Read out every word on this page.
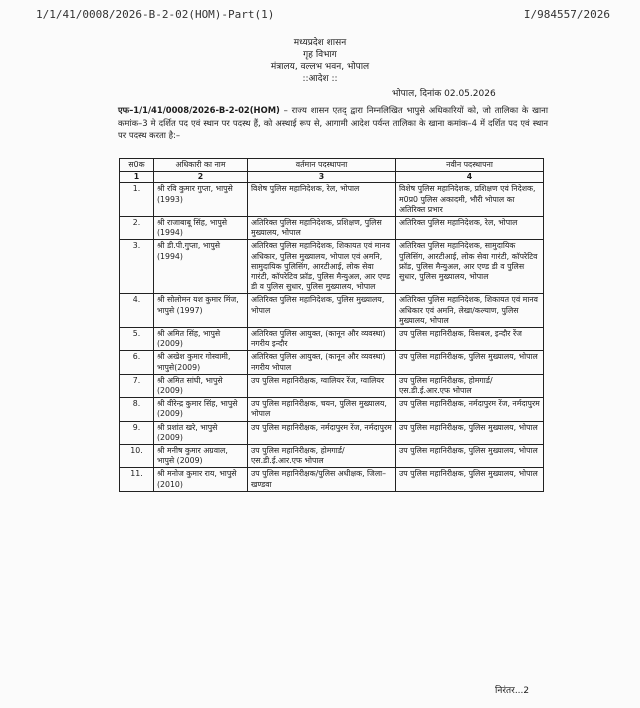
1/1/41/0008/2026-B-2-02(HOM)-Part(1)	I/984557/2026
मध्यप्रदेश शासन
गृह विभाग
मंत्रालय, वल्लभ भवन, भोपाल
::आदेश ::
भोपाल, दिनांक 02.05.2026
एफ–1/1/41/0008/2026-B-2-02(HOM) – राज्य शासन एतद् द्वारा निम्नलिखित भापुसे अधिकारियों को, जो तालिका के खाना कमांक–3 मे दर्शित पद एवं स्थान पर पदस्थ हैं, को अस्थाई रूप से, आगामी आदेश पर्यन्त तालिका के खाना कमांक–4 में दर्शित पद एवं स्थान पर पदस्थ करता है:–
स0क	अधिकारी का नाम	वर्तमान पदस्थापना	नवीन पदस्थापना
1	2	3	4
1.	श्री रवि कुमार गुप्ता, भापुसे (1993)	विशेष पुलिस महानिदेशक, रेल, भोपाल	विशेष पुलिस महानिदेशक, प्रशिक्षण एवं निदेशक, म0प्र0 पुलिस अकादमी, भौरी भोपाल का अतिरिक्त प्रभार
2.	श्री राजाबाबू सिंह, भापुसे (1994)	अतिरिक्त पुलिस महानिदेशक, प्रशिक्षण, पुलिस मुख्यालय, भोपाल	अतिरिक्त पुलिस महानिदेशक, रेल, भोपाल
3.	श्री डी.पी.गुप्ता, भापुसे (1994)	अतिरिक्त पुलिस महानिदेशक, शिकायत एवं मानव अधिकार, पुलिस मुख्यालय, भोपाल एवं अमनि, सामुदायिक पुलिसिंग, आरटीआई, लोक सेवा गारंटी, कॉपरेटिव फ्रॉड, पुलिस मैन्युअल, आर एण्ड डी व पुलिस सुधार, पुलिस मुख्यालय, भोपाल	अतिरिक्त पुलिस महानिदेशक, सामुदायिक पुलिसिंग, आरटीआई, लोक सेवा गारंटी, कॉपरेटिव फ्रॉड, पुलिस मैन्युअल, आर एण्ड डी व पुलिस सुधार, पुलिस मुख्यालय, भोपाल
4.	श्री सोलोमन यश कुमार मिंज, भापुसे (1997)	अतिरिक्त पुलिस महानिदेशक, पुलिस मुख्यालय, भोपाल	अतिरिक्त पुलिस महानिदेशक, शिकायत एवं मानव अधिकार एवं अमनि, लेखा/कल्याण, पुलिस मुख्यालय, भोपाल
5.	श्री अमित सिंह, भापुसे (2009)	अतिरिक्त पुलिस आयुक्त, (कानून और व्यवस्था) नगरीय इन्दौर	उप पुलिस महानिरीक्षक, विसबल, इन्दौर रेंज
6.	श्री अखेश कुमार गोस्वामी, भापुसे(2009)	अतिरिक्त पुलिस आयुक्त, (कानून और व्यवस्था) नगरीय भोपाल	उप पुलिस महानिरीक्षक, पुलिस मुख्यालय, भोपाल
7.	श्री अमित सांघी, भापुसे (2009)	उप पुलिस महानिरीक्षक, ग्वालियर रेंज, ग्वालियर	उप पुलिस महानिरीक्षक, होमगार्ड/एस.डी.ई.आर.एफ भोपाल
8.	श्री वीरेन्द्र कुमार सिंह, भापुसे (2009)	उप पुलिस महानिरीक्षक, चयन, पुलिस मुख्यालय, भोपाल	उप पुलिस महानिरीक्षक, नर्मदापुरम रेंज, नर्मदापुरम
9.	श्री प्रशांत खरे, भापुसे (2009)	उप पुलिस महानिरीक्षक, नर्मदापुरम रेंज, नर्मदापुरम	उप पुलिस महानिरीक्षक, पुलिस मुख्यालय, भोपाल
10.	श्री मनीष कुमार अग्रवाल, भापुसे (2009)	उप पुलिस महानिरीक्षक, होमगार्ड/एस.डी.ई.आर.एफ भोपाल	उप पुलिस महानिरीक्षक, पुलिस मुख्यालय, भोपाल
11.	श्री मनोज कुमार राय, भापुसे (2010)	उप पुलिस महानिरीक्षक/पुलिस अधीक्षक, जिला–खण्डवा	उप पुलिस महानिरीक्षक, पुलिस मुख्यालय, भोपाल
निरंतर...2
